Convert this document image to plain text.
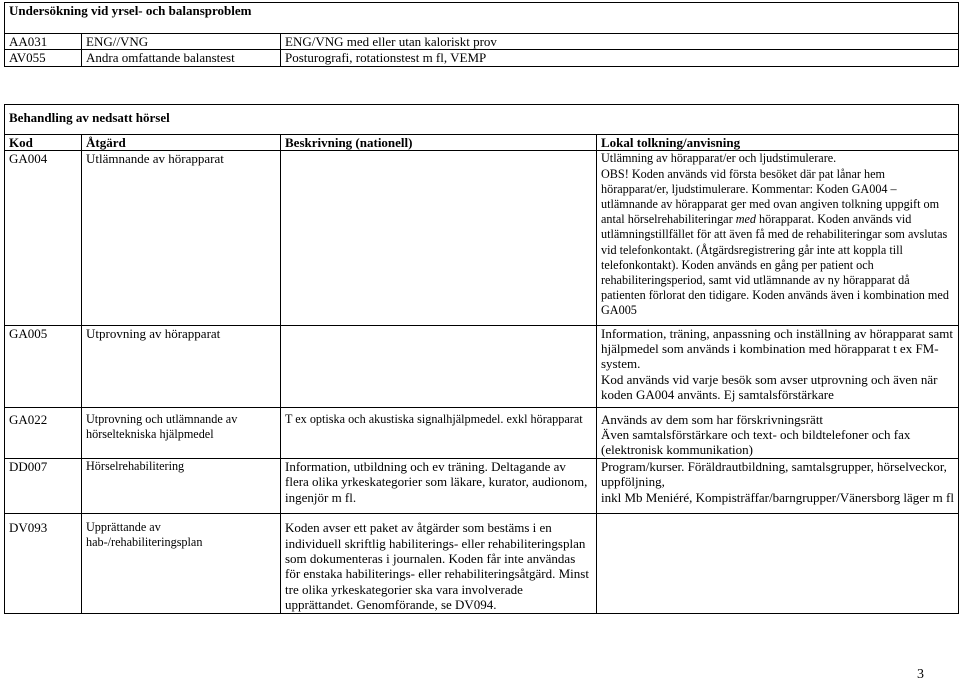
Undersökning vid yrsel- och balansproblem		
AA031	ENG//VNG	ENG/VNG med eller utan kaloriskt prov
AV055	Andra omfattande balanstest	Posturografi, rotationstest m fl, VEMP
Behandling av nedsatt hörsel			
Kod	Åtgärd	Beskrivning (nationell)	Lokal tolkning/anvisning
GA004	Utlämnande av hörapparat		Utlämning av hörapparat/er och ljudstimulerare.
OBS! Koden används vid första besöket där pat lånar hem hörapparat/er, ljudstimulerare. Kommentar: Koden GA004 – utlämnande av hörapparat ger med ovan angiven tolkning uppgift om antal hörselrehabiliteringar med hörapparat. Koden används vid utlämningstillfället för att även få med de rehabiliteringar som avslutas vid telefonkontakt. (Åtgärdsregistrering går inte att koppla till telefonkontakt). Koden används en gång per patient och rehabiliteringsperiod, samt vid utlämnande av ny hörapparat då patienten förlorat den tidigare. Koden används även i kombination med GA005

GA005	Utprovning av hörapparat		Information, träning, anpassning och inställning av hörapparat samt hjälpmedel som används i kombination med hörapparat t ex FM-system.
Kod används vid varje besök som avser utprovning och även när koden GA004 använts. Ej samtalsförstärkare

GA022	Utprovning och utlämnande av hörseltekniska hjälpmedel	T ex optiska och akustiska signalhjälpmedel. exkl hörapparat	Används av dem som har förskrivningsrätt
Även samtalsförstärkare och text- och bildtelefoner och fax (elektronisk kommunikation)

DD007	Hörselrehabilitering	Information, utbildning och ev träning. Deltagande av flera olika yrkeskategorier som läkare, kurator, audionom, ingenjör m fl.	Program/kurser. Föräldrautbildning, samtalsgrupper, hörselveckor, uppföljning,
inkl Mb Meniéré, Kompisträffar/barngrupper/Vänersborg läger m fl

DV093	Upprättande av hab-/rehabiliteringsplan	Koden avser ett paket av åtgärder som bestäms i en individuell skriftlig habiliterings- eller rehabiliteringsplan som dokumenteras i journalen. Koden får inte användas för enstaka habiliterings- eller rehabiliteringsåtgärd. Minst tre olika yrkeskategorier ska vara involverade upprättandet. Genomförande, se DV094.	
3
